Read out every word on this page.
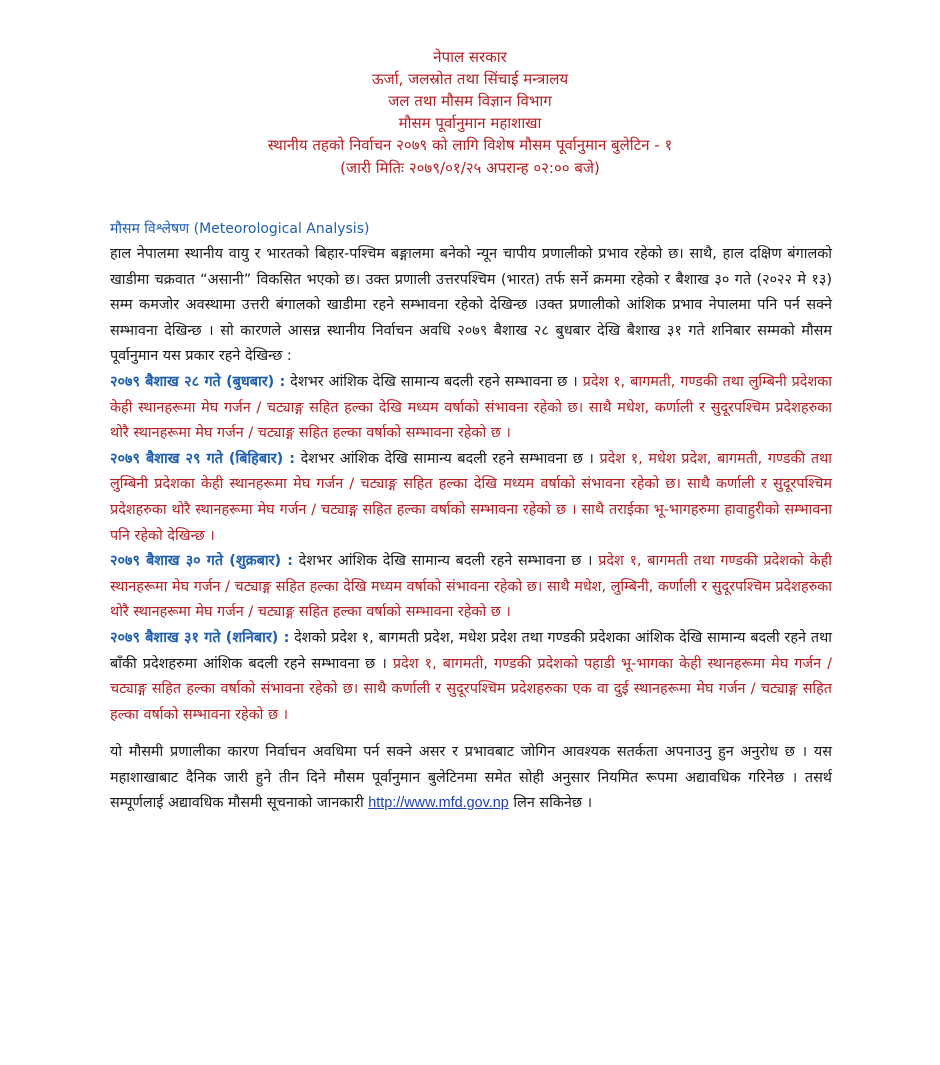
नेपाल सरकार
ऊर्जा, जलस्रोत तथा सिंचाई मन्त्रालय
जल तथा मौसम विज्ञान विभाग
मौसम पूर्वानुमान महाशाखा
स्थानीय तहको निर्वाचन २०७९ को लागि विशेष मौसम पूर्वानुमान बुलेटिन - १
(जारी मितिः २०७९/०१/२५ अपरान्ह ०२:०० बजे)
मौसम विश्लेषण (Meteorological Analysis)

हाल नेपालमा स्थानीय वायु र भारतको बिहार-पश्चिम बङ्गालमा बनेको न्यून चापीय प्रणालीको प्रभाव रहेको छ। साथै, हाल दक्षिण बंगालको खाडीमा चक्रवात “असानी” विकसित भएको छ। उक्त प्रणाली उत्तरपश्चिम (भारत) तर्फ सर्ने क्रममा रहेको र बैशाख ३० गते (२०२२ मे १३) सम्म कमजोर अवस्थामा उत्तरी बंगालको खाडीमा रहने सम्भावना रहेको देखिन्छ ।उक्त प्रणालीको आंशिक प्रभाव नेपालमा पनि पर्न सक्ने सम्भावना देखिन्छ । सो कारणले आसन्न स्थानीय निर्वाचन अवधि २०७९ बैशाख २८ बुधबार देखि बैशाख ३१ गते शनिबार सम्मको मौसम पूर्वानुमान यस प्रकार रहने देखिन्छ :

२०७९ बैशाख २८ गते (बुधबार) : देशभर आंशिक देखि सामान्य बदली रहने सम्भावना छ । प्रदेश १, बागमती, गण्डकी तथा लुम्बिनी प्रदेशका केही स्थानहरूमा मेघ गर्जन / चट्याङ्ग सहित हल्का देखि मध्यम वर्षाको संभावना रहेको छ। साथै मधेश, कर्णाली र सुदूरपश्चिम प्रदेशहरुका थोरै स्थानहरूमा मेघ गर्जन / चट्याङ्ग सहित हल्का वर्षाको सम्भावना रहेको छ ।

२०७९ बैशाख २९ गते (बिहिबार) : देशभर आंशिक देखि सामान्य बदली रहने सम्भावना छ । प्रदेश १, मधेश प्रदेश, बागमती, गण्डकी तथा लुम्बिनी प्रदेशका केही स्थानहरूमा मेघ गर्जन / चट्याङ्ग सहित हल्का देखि मध्यम वर्षाको संभावना रहेको छ। साथै कर्णाली र सुदूरपश्चिम प्रदेशहरुका थोरै स्थानहरूमा मेघ गर्जन / चट्याङ्ग सहित हल्का वर्षाको सम्भावना रहेको छ । साथै तराईका भू-भागहरुमा हावाहुरीको सम्भावना पनि रहेको देखिन्छ ।

२०७९ बैशाख ३० गते (शुक्रबार) : देशभर आंशिक देखि सामान्य बदली रहने सम्भावना छ । प्रदेश १, बागमती तथा गण्डकी प्रदेशको केही स्थानहरूमा मेघ गर्जन / चट्याङ्ग सहित हल्का देखि मध्यम वर्षाको संभावना रहेको छ। साथै मधेश, लुम्बिनी, कर्णाली र सुदूरपश्चिम प्रदेशहरुका थोरै स्थानहरूमा मेघ गर्जन / चट्याङ्ग सहित हल्का वर्षाको सम्भावना रहेको छ ।

२०७९ बैशाख ३१ गते (शनिबार) : देशको प्रदेश १, बागमती प्रदेश, मधेश प्रदेश तथा गण्डकी प्रदेशका आंशिक देखि सामान्य बदली रहने तथा बाँकी प्रदेशहरुमा आंशिक बदली रहने सम्भावना छ । प्रदेश १, बागमती, गण्डकी प्रदेशको पहाडी भू-भागका केही स्थानहरूमा मेघ गर्जन / चट्याङ्ग सहित हल्का वर्षाको संभावना रहेको छ। साथै कर्णाली र सुदूरपश्चिम प्रदेशहरुका एक वा दुई स्थानहरूमा मेघ गर्जन / चट्याङ्ग सहित हल्का वर्षाको सम्भावना रहेको छ ।

यो मौसमी प्रणालीका कारण निर्वाचन अवधिमा पर्न सक्ने असर र प्रभावबाट जोगिन आवश्यक सतर्कता अपनाउनु हुन अनुरोध छ । यस महाशाखाबाट दैनिक जारी हुने तीन दिने मौसम पूर्वानुमान बुलेटिनमा समेत सोही अनुसार नियमित रूपमा अद्यावधिक गरिनेछ । तसर्थ सम्पूर्णलाई अद्यावधिक मौसमी सूचनाको जानकारी http://www.mfd.gov.np लिन सकिनेछ ।
